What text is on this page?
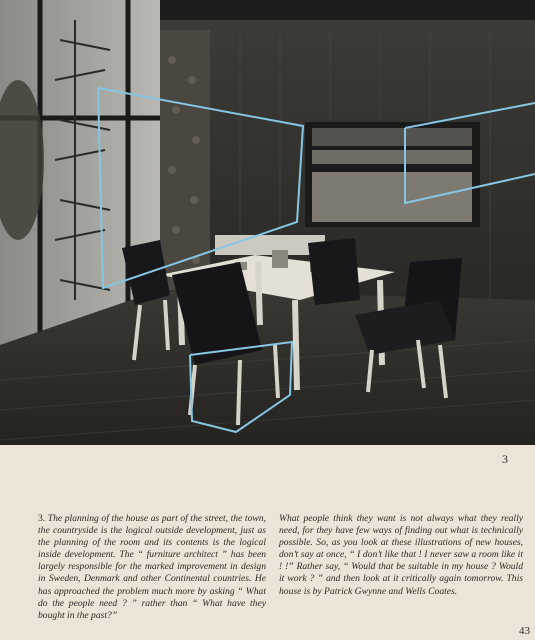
3
3. The planning of the house as part of the street, the town, the countryside is the logical outside development, just as the planning of the room and its contents is the logical inside development. The “ furniture architect ” has been largely responsible for the marked improvement in design in Sweden, Denmark and other Continental countries. He has approached the problem much more by asking “ What do the people need ? ” rather than “ What have they bought in the past?”
What people think they want is not always what they really need, for they have few ways of finding out what is technically possible. So, as you look at these illustrations of new houses, don’t say at once, “ I don’t like that ! I never saw a room like it ! !” Rather say, “ Would that be suitable in my house ? Would it work ? ” and then look at it critically again tomorrow. This house is by Patrick Gwynne and Wells Coates.
43
